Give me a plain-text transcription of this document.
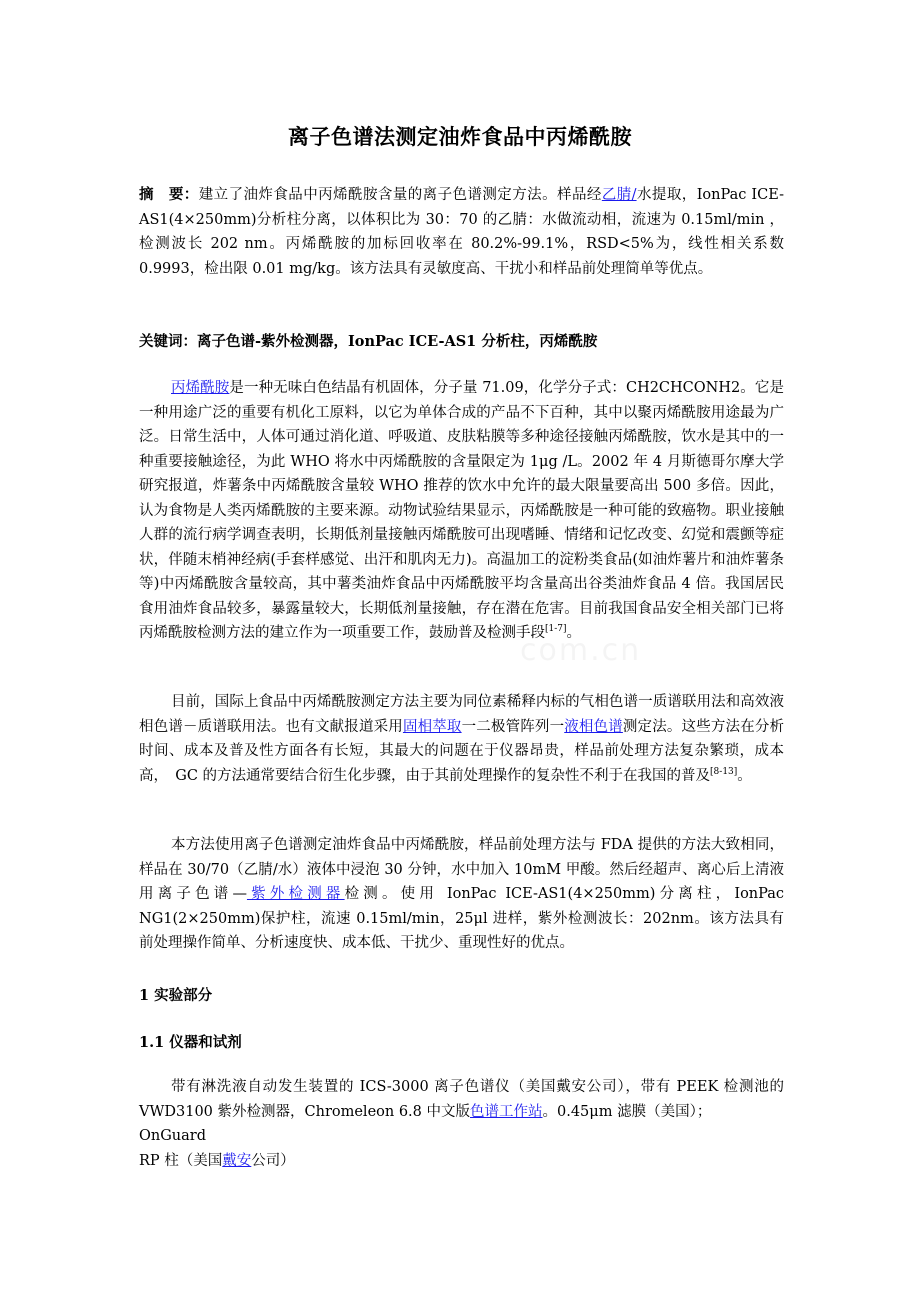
离子色谱法测定油炸食品中丙烯酰胺
摘　要：建立了油炸食品中丙烯酰胺含量的离子色谱测定方法。样品经乙腈/水提取，IonPac ICE-AS1(4×250mm)分析柱分离，以体积比为 30：70 的乙腈：水做流动相，流速为 0.15ml/min ，检测波长 202 nm。丙烯酰胺的加标回收率在 80.2%-99.1%，RSD<5%为，线性相关系数 0.9993，检出限 0.01 mg/kg。该方法具有灵敏度高、干扰小和样品前处理简单等优点。
关键词：离子色谱-紫外检测器，IonPac ICE-AS1 分析柱，丙烯酰胺
丙烯酰胺是一种无味白色结晶有机固体，分子量 71.09，化学分子式：CH2CHCONH2。它是一种用途广泛的重要有机化工原料，以它为单体合成的产品不下百种，其中以聚丙烯酰胺用途最为广泛。日常生活中，人体可通过消化道、呼吸道、皮肤粘膜等多种途径接触丙烯酰胺，饮水是其中的一种重要接触途径，为此 WHO 将水中丙烯酰胺的含量限定为 1μg /L。2002 年 4 月斯德哥尔摩大学研究报道，炸薯条中丙烯酰胺含量较 WHO 推荐的饮水中允许的最大限量要高出 500 多倍。因此，认为食物是人类丙烯酰胺的主要来源。动物试验结果显示，丙烯酰胺是一种可能的致癌物。职业接触人群的流行病学调查表明，长期低剂量接触丙烯酰胺可出现嗜睡、情绪和记忆改变、幻觉和震颤等症状，伴随末梢神经病(手套样感觉、出汗和肌肉无力)。高温加工的淀粉类食品(如油炸薯片和油炸薯条等)中丙烯酰胺含量较高，其中薯类油炸食品中丙烯酰胺平均含量高出谷类油炸食品 4 倍。我国居民食用油炸食品较多，暴露量较大，长期低剂量接触，存在潜在危害。目前我国食品安全相关部门已将丙烯酰胺检测方法的建立作为一项重要工作，鼓励普及检测手段[1-7]。
目前，国际上食品中丙烯酰胺测定方法主要为同位素稀释内标的气相色谱一质谱联用法和高效液相色谱－质谱联用法。也有文献报道采用固相萃取一二极管阵列一液相色谱测定法。这些方法在分析时间、成本及普及性方面各有长短，其最大的问题在于仪器昂贵，样品前处理方法复杂繁琐，成本高，　GC 的方法通常要结合衍生化步骤，由于其前处理操作的复杂性不利于在我国的普及[8-13]。
本方法使用离子色谱测定油炸食品中丙烯酰胺，样品前处理方法与 FDA 提供的方法大致相同，样品在 30/70（乙腈/水）液体中浸泡 30 分钟，水中加入 10mM 甲酸。然后经超声、离心后上清液用离子色谱—紫外检测器检测。使用 IonPac ICE-AS1(4×250mm)分离柱，IonPac NG1(2×250mm)保护柱，流速 0.15ml/min，25μl 进样，紫外检测波长：202nm。该方法具有前处理操作简单、分析速度快、成本低、干扰少、重现性好的优点。
1 实验部分
1.1 仪器和试剂
带有淋洗液自动发生装置的 ICS-3000 离子色谱仪（美国戴安公司），带有 PEEK 检测池的 VWD3100 紫外检测器，Chromeleon 6.8 中文版色谱工作站。0.45μm 滤膜（美国）；
OnGuard
RP 柱（美国戴安公司）
